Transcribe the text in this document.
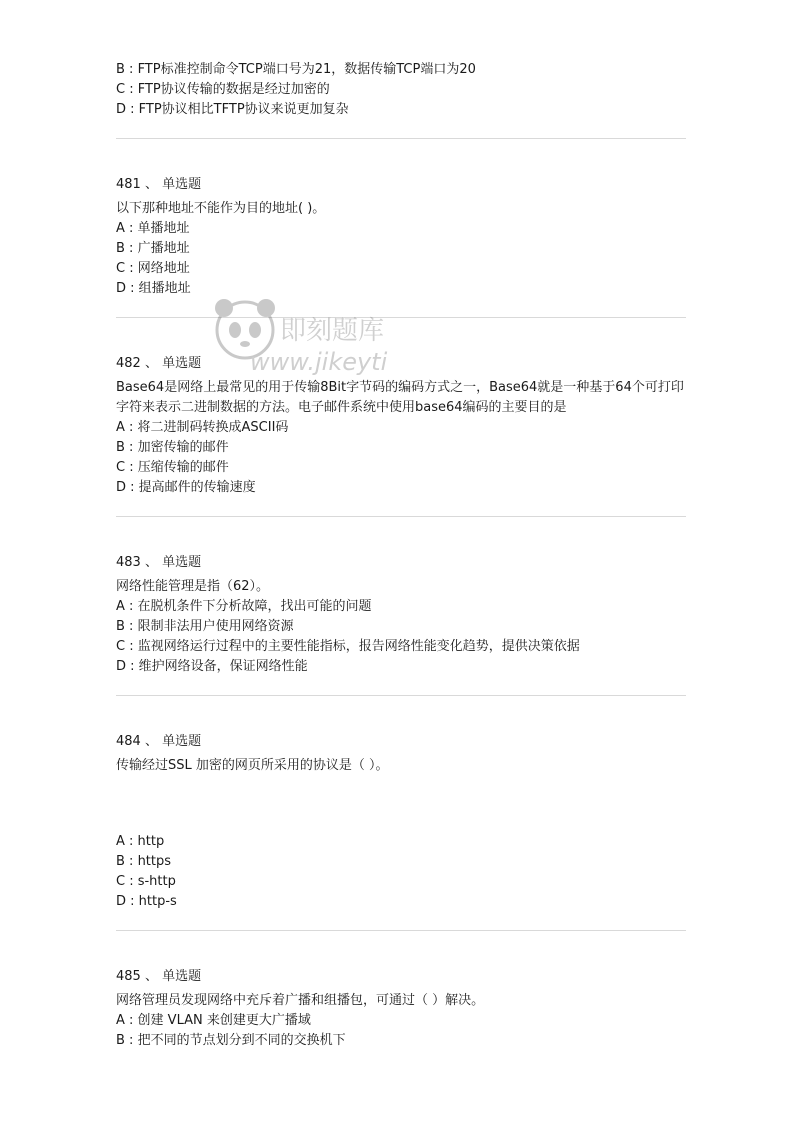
B : FTP标准控制命令TCP端口号为21，数据传输TCP端口为20
C : FTP协议传输的数据是经过加密的
D : FTP协议相比TFTP协议来说更加复杂
481 、 单选题
以下那种地址不能作为目的地址( )。
A : 单播地址
B : 广播地址
C : 网络地址
D : 组播地址
482 、 单选题
Base64是网络上最常见的用于传输8Bit字节码的编码方式之一，Base64就是一种基于64个可打印字符来表示二进制数据的方法。电子邮件系统中使用base64编码的主要目的是
A : 将二进制码转换成ASCII码
B : 加密传输的邮件
C : 压缩传输的邮件
D : 提高邮件的传输速度
483 、 单选题
网络性能管理是指（62）。
A : 在脱机条件下分析故障，找出可能的问题
B : 限制非法用户使用网络资源
C : 监视网络运行过程中的主要性能指标，报告网络性能变化趋势，提供决策依据
D : 维护网络设备，保证网络性能
484 、 单选题
传输经过SSL 加密的网页所采用的协议是（ ）。
A : http
B : https
C : s-http
D : http-s
485 、 单选题
网络管理员发现网络中充斥着广播和组播包，可通过（ ）解决。
A : 创建 VLAN 来创建更大广播域
B : 把不同的节点划分到不同的交换机下
即刻题库
www.jikeyti
